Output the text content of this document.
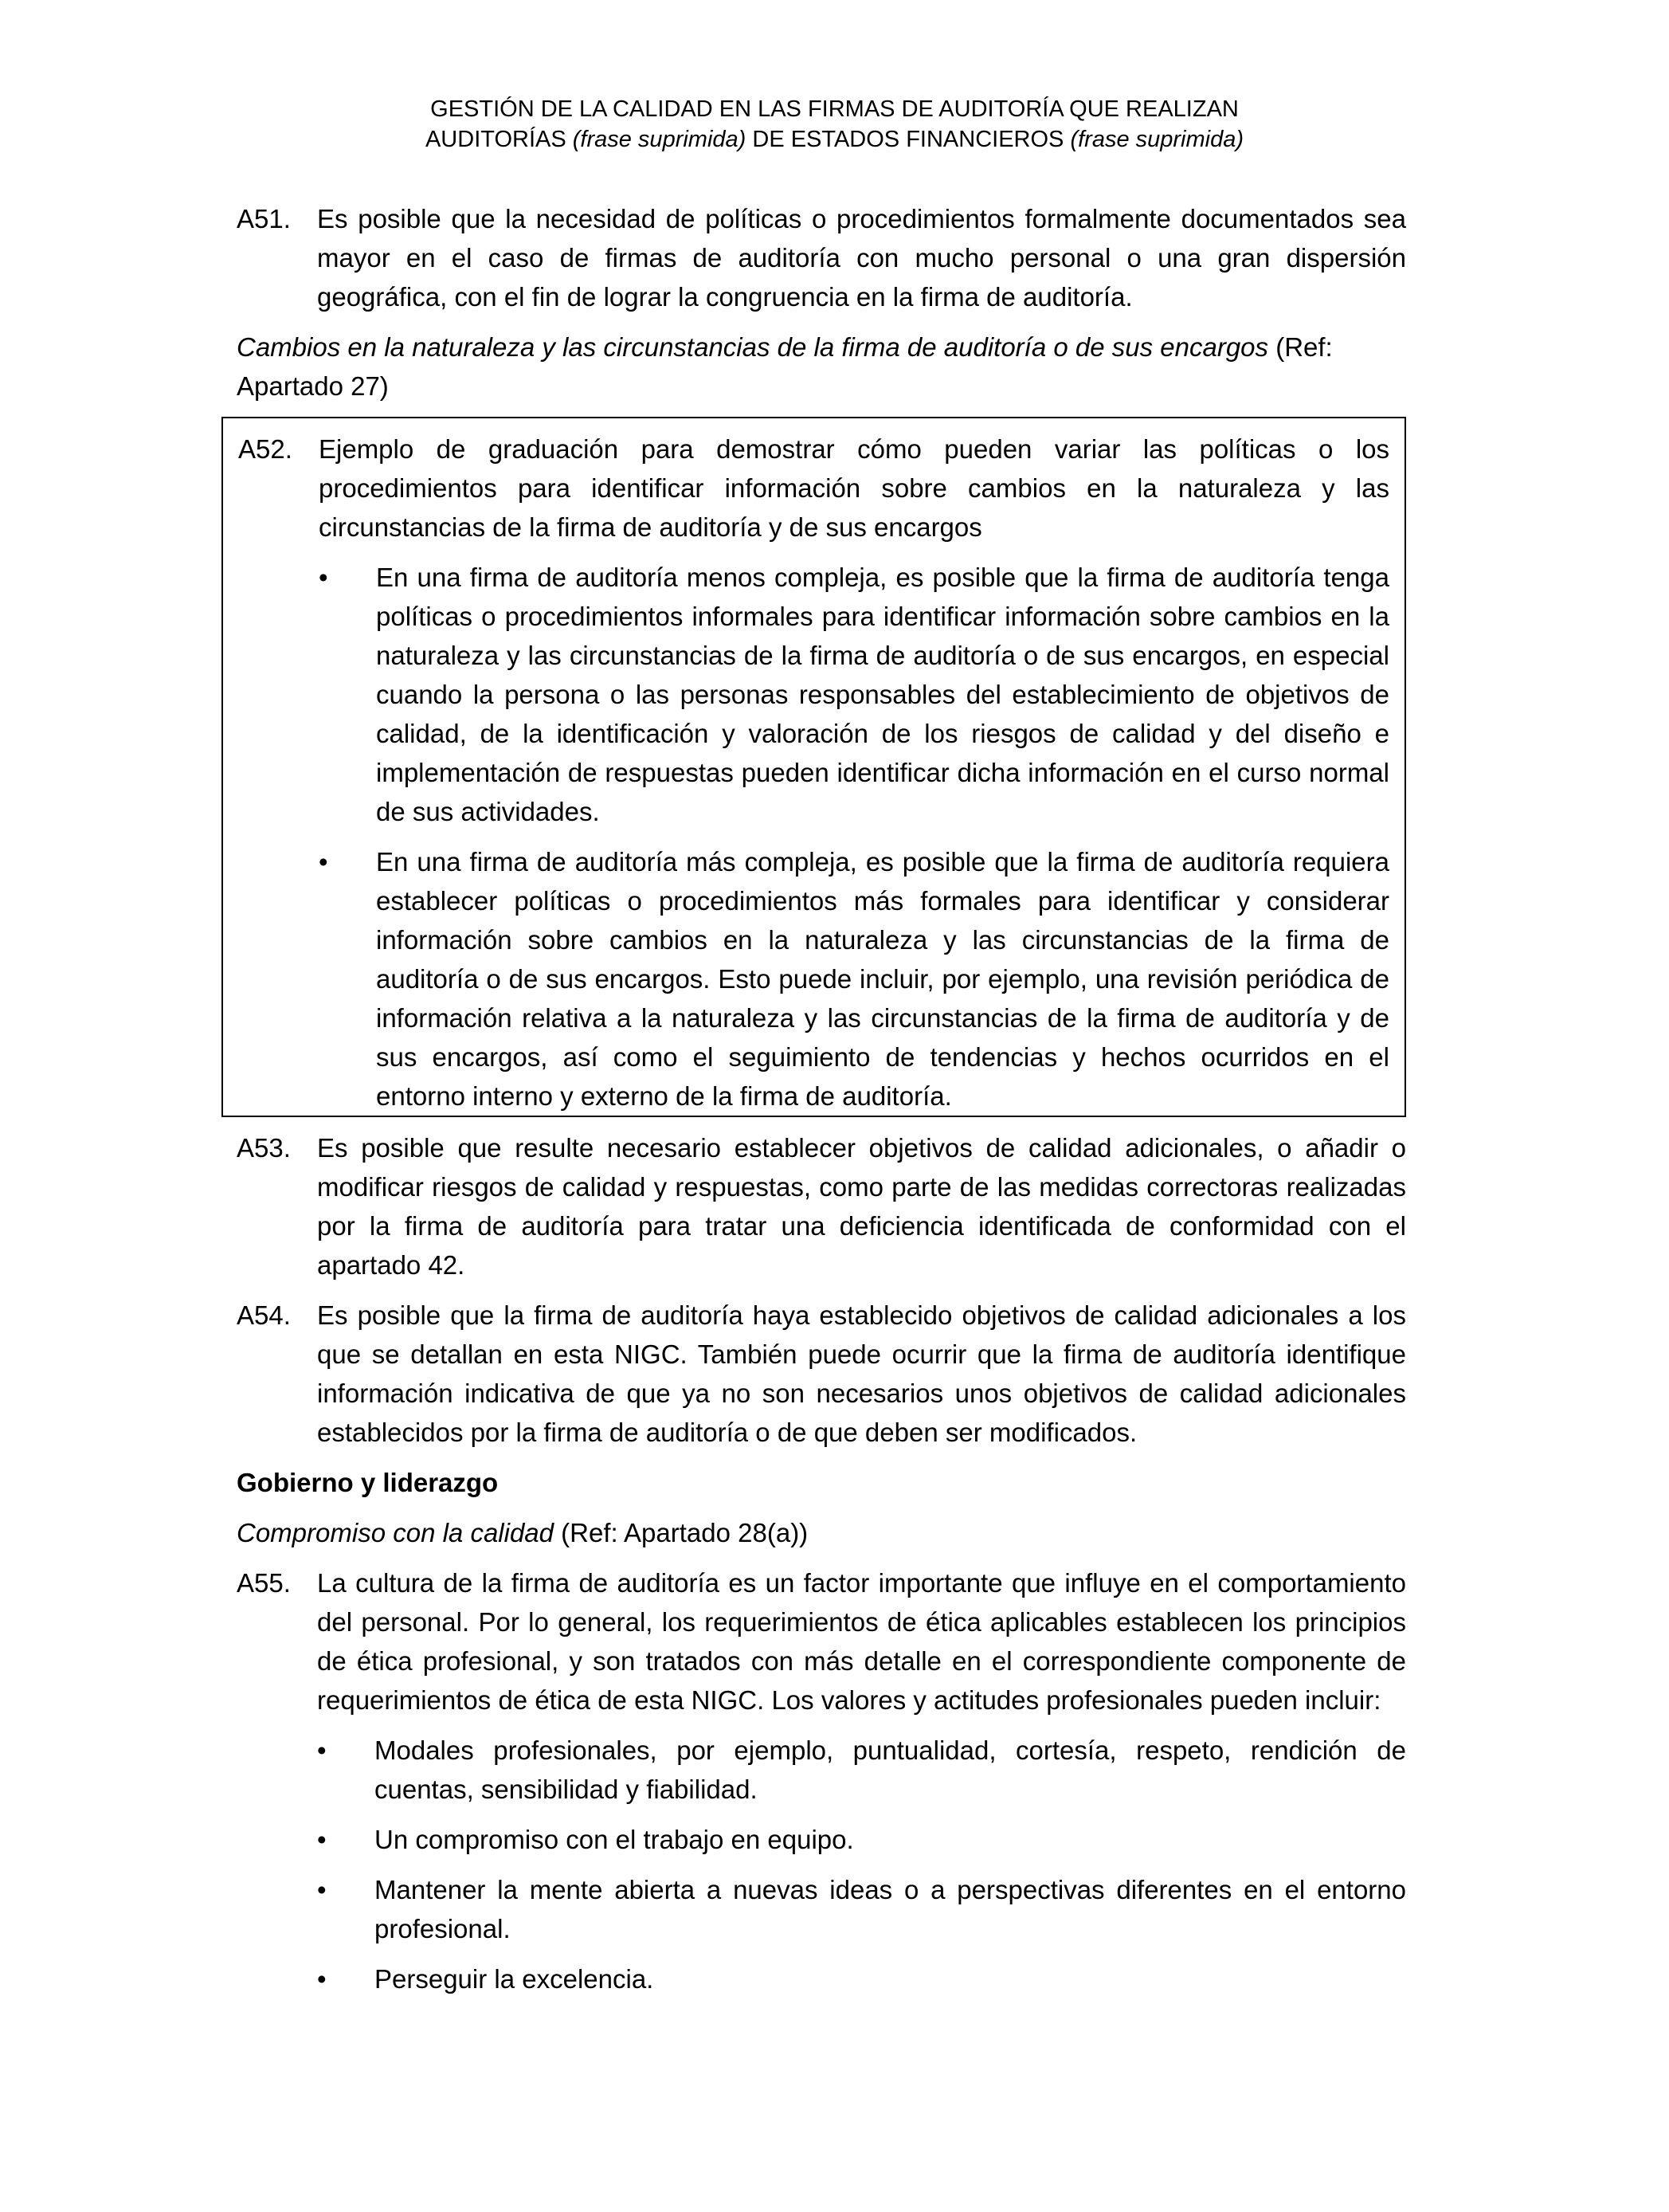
GESTIÓN DE LA CALIDAD EN LAS FIRMAS DE AUDITORÍA QUE REALIZAN
AUDITORÍAS (frase suprimida) DE ESTADOS FINANCIEROS (frase suprimida)
A51.	Es posible que la necesidad de políticas o procedimientos formalmente documentados sea mayor en el caso de firmas de auditoría con mucho personal o una gran dispersión geográfica, con el fin de lograr la congruencia en la firma de auditoría.
Cambios en la naturaleza y las circunstancias de la firma de auditoría o de sus encargos (Ref: Apartado 27)
A52.	Ejemplo de graduación para demostrar cómo pueden variar las políticas o los procedimientos para identificar información sobre cambios en la naturaleza y las circunstancias de la firma de auditoría y de sus encargos
•	En una firma de auditoría menos compleja, es posible que la firma de auditoría tenga políticas o procedimientos informales para identificar información sobre cambios en la naturaleza y las circunstancias de la firma de auditoría o de sus encargos, en especial cuando la persona o las personas responsables del establecimiento de objetivos de calidad, de la identificación y valoración de los riesgos de calidad y del diseño e implementación de respuestas pueden identificar dicha información en el curso normal de sus actividades.
•	En una firma de auditoría más compleja, es posible que la firma de auditoría requiera establecer políticas o procedimientos más formales para identificar y considerar información sobre cambios en la naturaleza y las circunstancias de la firma de auditoría o de sus encargos. Esto puede incluir, por ejemplo, una revisión periódica de información relativa a la naturaleza y las circunstancias de la firma de auditoría y de sus encargos, así como el seguimiento de tendencias y hechos ocurridos en el entorno interno y externo de la firma de auditoría.
A53.	Es posible que resulte necesario establecer objetivos de calidad adicionales, o añadir o modificar riesgos de calidad y respuestas, como parte de las medidas correctoras realizadas por la firma de auditoría para tratar una deficiencia identificada de conformidad con el apartado 42.
A54.	Es posible que la firma de auditoría haya establecido objetivos de calidad adicionales a los que se detallan en esta NIGC. También puede ocurrir que la firma de auditoría identifique información indicativa de que ya no son necesarios unos objetivos de calidad adicionales establecidos por la firma de auditoría o de que deben ser modificados.
Gobierno y liderazgo
Compromiso con la calidad (Ref: Apartado 28(a))
A55.	La cultura de la firma de auditoría es un factor importante que influye en el comportamiento del personal. Por lo general, los requerimientos de ética aplicables establecen los principios de ética profesional, y son tratados con más detalle en el correspondiente componente de requerimientos de ética de esta NIGC. Los valores y actitudes profesionales pueden incluir:
•	Modales profesionales, por ejemplo, puntualidad, cortesía, respeto, rendición de cuentas, sensibilidad y fiabilidad.
•	Un compromiso con el trabajo en equipo.
•	Mantener la mente abierta a nuevas ideas o a perspectivas diferentes en el entorno profesional.
•	Perseguir la excelencia.
